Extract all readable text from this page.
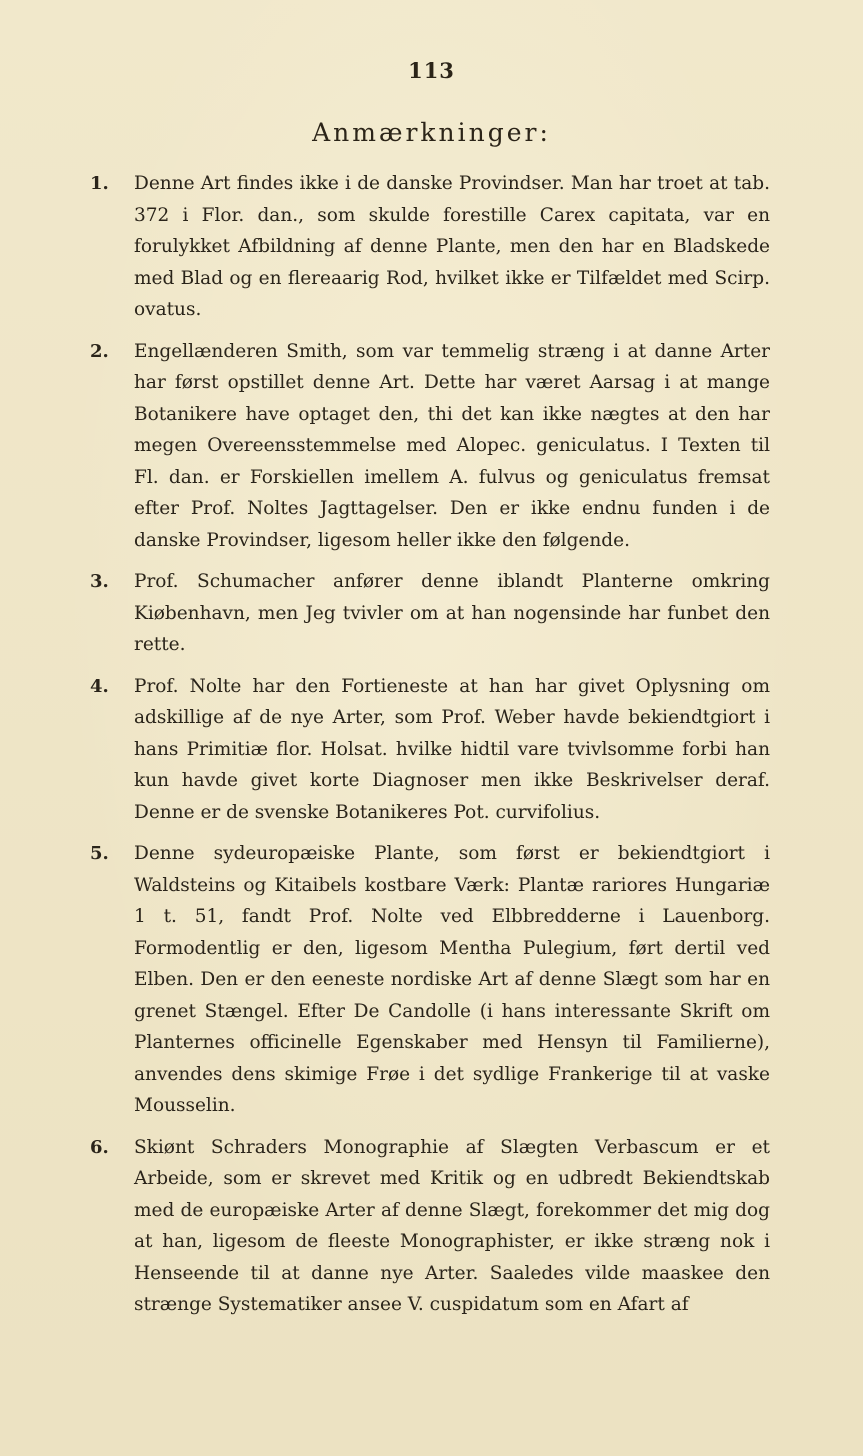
113
Anmærkninger:
1. Denne Art findes ikke i de danske Provindser. Man har troet at tab. 372 i Flor. dan., som skulde forestille Carex capitata, var en forulykket Afbildning af denne Plante, men den har en Bladskede med Blad og en flereaarig Rod, hvilket ikke er Tilfældet med Scirp. ovatus.
2. Engellænderen Smith, som var temmelig stræng i at danne Arter har først opstillet denne Art. Dette har været Aarsag i at mange Botanikere have optaget den, thi det kan ikke nægtes at den har megen Overeensstemmelse med Alopec. geniculatus. I Texten til Fl. dan. er Forskiellen imellem A. fulvus og geniculatus fremsat efter Prof. Noltes Jagttagelser. Den er ikke endnu funden i de danske Provindser, ligesom heller ikke den følgende.
3. Prof. Schumacher anfører denne iblandt Planterne omkring Kiøbenhavn, men Jeg tvivler om at han nogensinde har funbet den rette.
4. Prof. Nolte har den Fortieneste at han har givet Oplysning om adskillige af de nye Arter, som Prof. Weber havde bekiendtgiort i hans Primitiæ flor. Holsat. hvilke hidtil vare tvivlsomme forbi han kun havde givet korte Diagnoser men ikke Beskrivelser deraf. Denne er de svenske Botanikeres Pot. curvifolius.
5. Denne sydeuropæiske Plante, som først er bekiendtgiort i Waldsteins og Kitaibels kostbare Værk: Plantæ rariores Hungariæ 1 t. 51, fandt Prof. Nolte ved Elbbredderne i Lauenborg. Formodentlig er den, ligesom Mentha Pulegium, ført dertil ved Elben. Den er den eeneste nordiske Art af denne Slægt som har en grenet Stængel. Efter De Candolle (i hans interessante Skrift om Planternes officinelle Egenskaber med Hensyn til Familierne), anvendes dens skimige Frøe i det sydlige Frankerige til at vaske Mousselin.
6. Skiønt Schraders Monographie af Slægten Verbascum er et Arbeide, som er skrevet med Kritik og en udbredt Bekiendtskab med de europæiske Arter af denne Slægt, forekommer det mig dog at han, ligesom de fleeste Monographister, er ikke stræng nok i Henseende til at danne nye Arter. Saaledes vilde maaskee den strænge Systematiker ansee V. cuspidatum som en Afart af
